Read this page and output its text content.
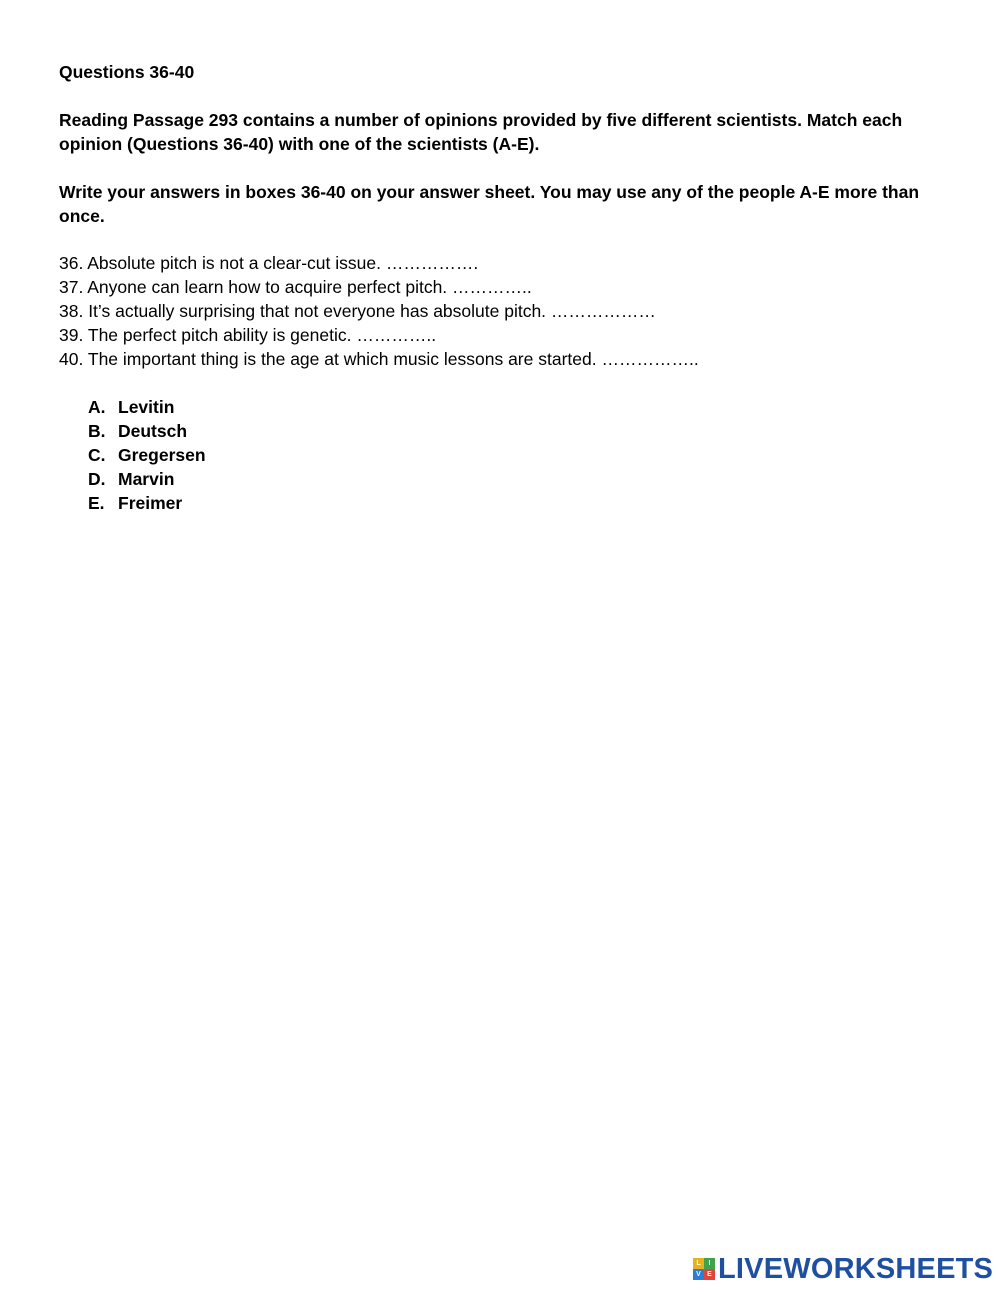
Questions 36-40

Reading Passage 293 contains a number of opinions provided by five different scientists. Match each opinion (Questions 36-40) with one of the scientists (A-E).

Write your answers in boxes 36-40 on your answer sheet. You may use any of the people A-E more than once.

36. Absolute pitch is not a clear-cut issue. …………….
37. Anyone can learn how to acquire perfect pitch. …………..
38. It’s actually surprising that not everyone has absolute pitch. ………………
39. The perfect pitch ability is genetic. …………..
40. The important thing is the age at which music lessons are started. ……………..
A. Levitin
B. Deutsch
C. Gregersen
D. Marvin
E. Freimer
L	I
V E LIVEWORKSHEETS
